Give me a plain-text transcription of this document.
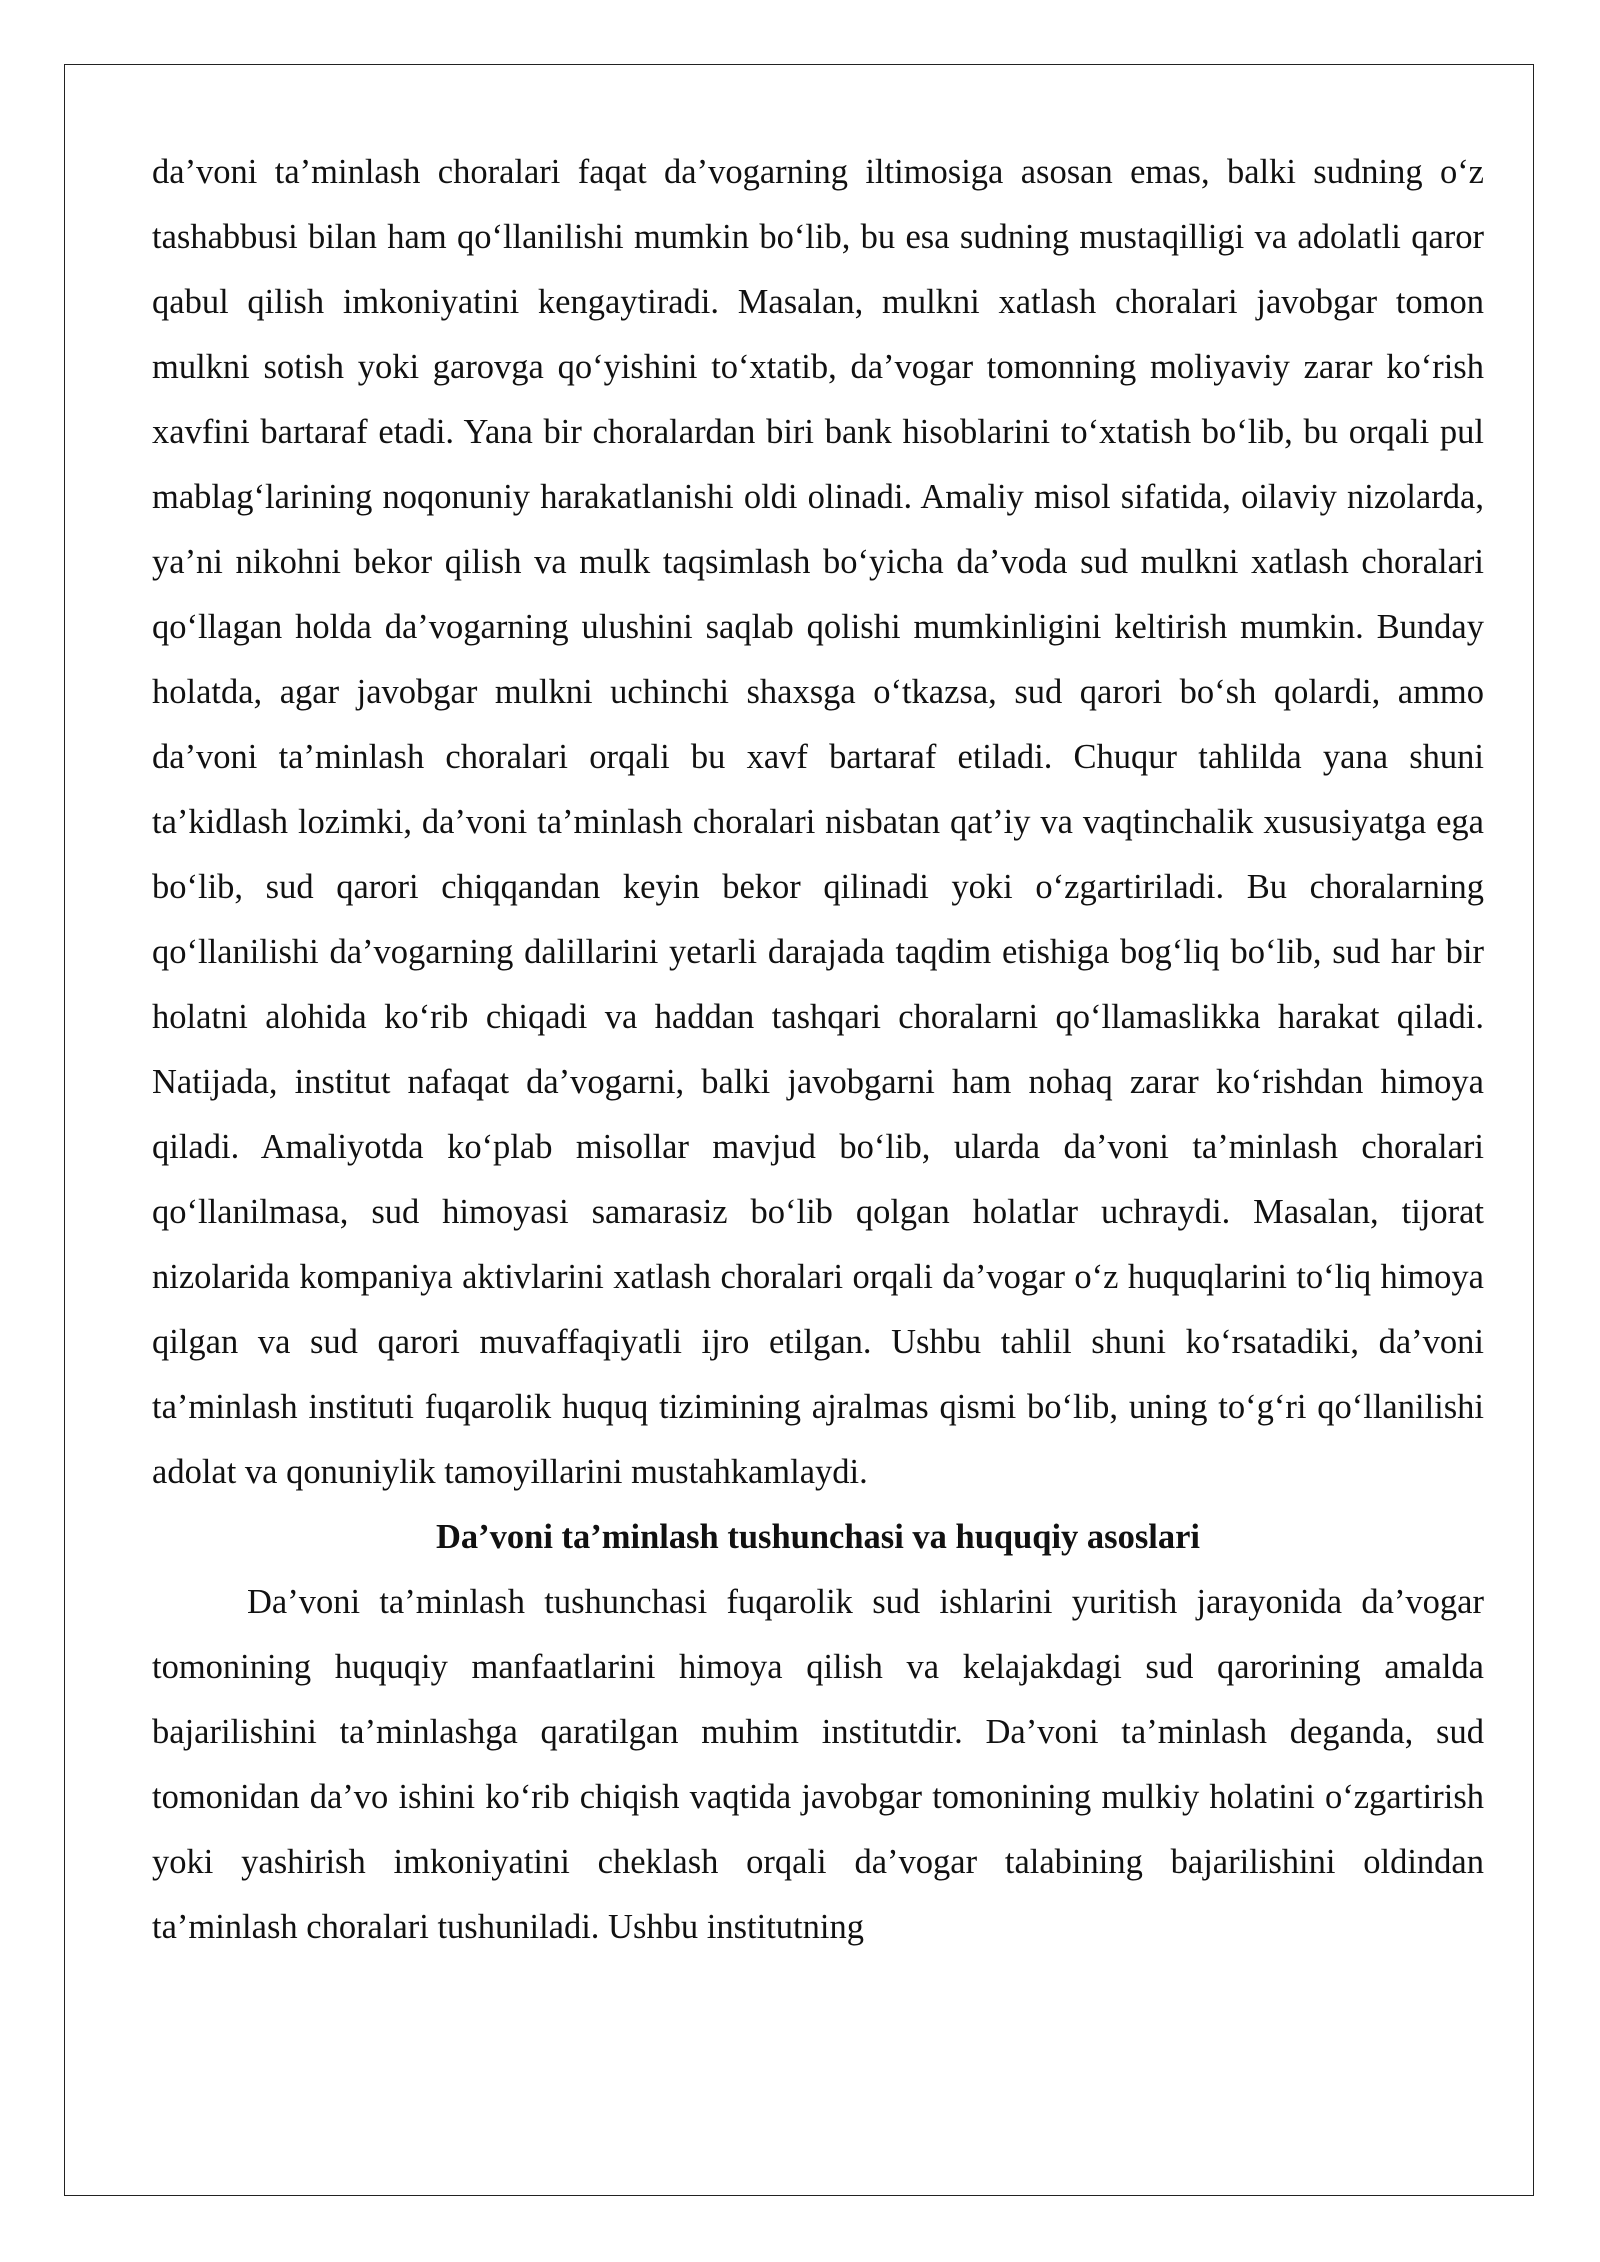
da’voni ta’minlash choralari faqat da’vogarning iltimosiga asosan emas, balki sudning o‘z tashabbusi bilan ham qo‘llanilishi mumkin bo‘lib, bu esa sudning mustaqilligi va adolatli qaror qabul qilish imkoniyatini kengaytiradi. Masalan, mulkni xatlash choralari javobgar tomon mulkni sotish yoki garovga qo‘yishini to‘xtatib, da’vogar tomonning moliyaviy zarar ko‘rish xavfini bartaraf etadi. Yana bir choralardan biri bank hisoblarini to‘xtatish bo‘lib, bu orqali pul mablag‘larining noqonuniy harakatlanishi oldi olinadi. Amaliy misol sifatida, oilaviy nizolarda, ya’ni nikohni bekor qilish va mulk taqsimlash bo‘yicha da’voda sud mulkni xatlash choralari qo‘llagan holda da’vogarning ulushini saqlab qolishi mumkinligini keltirish mumkin. Bunday holatda, agar javobgar mulkni uchinchi shaxsga o‘tkazsa, sud qarori bo‘sh qolardi, ammo da’voni ta’minlash choralari orqali bu xavf bartaraf etiladi. Chuqur tahlilda yana shuni ta’kidlash lozimki, da’voni ta’minlash choralari nisbatan qat’iy va vaqtinchalik xususiyatga ega bo‘lib, sud qarori chiqqandan keyin bekor qilinadi yoki o‘zgartiriladi. Bu choralarning qo‘llanilishi da’vogarning dalillarini yetarli darajada taqdim etishiga bog‘liq bo‘lib, sud har bir holatni alohida ko‘rib chiqadi va haddan tashqari choralarni qo‘llamaslikka harakat qiladi. Natijada, institut nafaqat da’vogarni, balki javobgarni ham nohaq zarar ko‘rishdan himoya qiladi. Amaliyotda ko‘plab misollar mavjud bo‘lib, ularda da’voni ta’minlash choralari qo‘llanilmasa, sud himoyasi samarasiz bo‘lib qolgan holatlar uchraydi. Masalan, tijorat nizolarida kompaniya aktivlarini xatlash choralari orqali da’vogar o‘z huquqlarini to‘liq himoya qilgan va sud qarori muvaffaqiyatli ijro etilgan. Ushbu tahlil shuni ko‘rsatadiki, da’voni ta’minlash instituti fuqarolik huquq tizimining ajralmas qismi bo‘lib, uning to‘g‘ri qo‘llanilishi adolat va qonuniylik tamoyillarini mustahkamlaydi.

Da’voni ta’minlash tushunchasi va huquqiy asoslari

Da’voni ta’minlash tushunchasi fuqarolik sud ishlarini yuritish jarayonida da’vogar tomonining huquqiy manfaatlarini himoya qilish va kelajakdagi sud qarorining amalda bajarilishini ta’minlashga qaratilgan muhim institutdir. Da’voni ta’minlash deganda, sud tomonidan da’vo ishini ko‘rib chiqish vaqtida javobgar tomonining mulkiy holatini o‘zgartirish yoki yashirish imkoniyatini cheklash orqali da’vogar talabining bajarilishini oldindan ta’minlash choralari tushuniladi. Ushbu institutning
